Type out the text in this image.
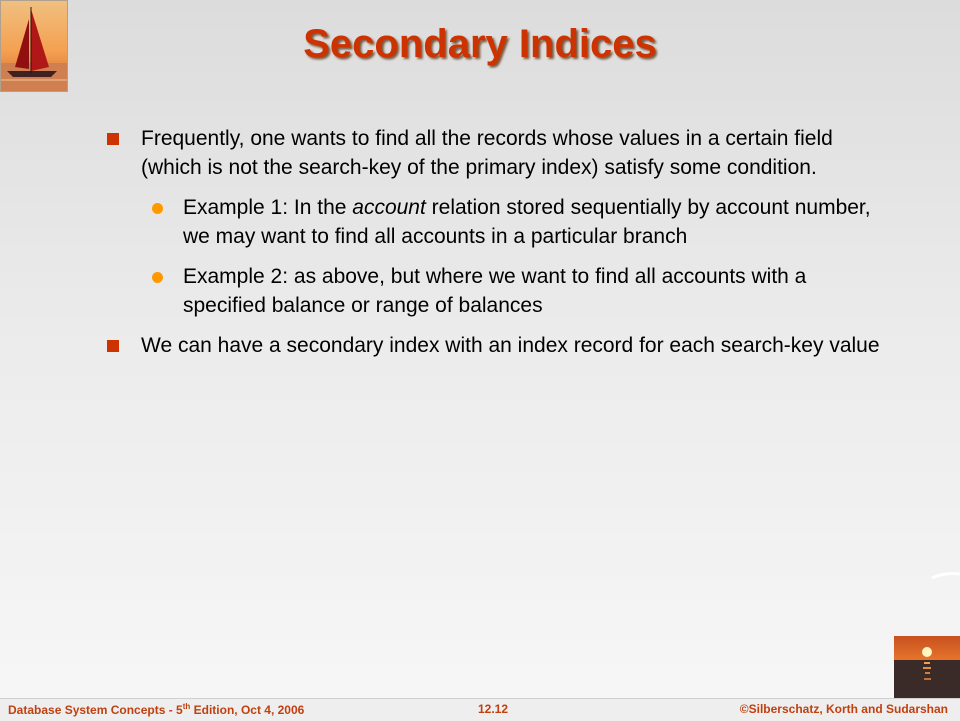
Secondary Indices
Frequently, one wants to find all the records whose values in a certain field (which is not the search-key of the primary index) satisfy some condition.
Example 1: In the account relation stored sequentially by account number, we may want to find all accounts in a particular branch
Example 2: as above, but where we want to find all accounts with a specified balance or range of balances
We can have a secondary index with an index record for each search-key value
Database System Concepts - 5th Edition, Oct 4, 2006	12.12	©Silberschatz, Korth and Sudarshan
